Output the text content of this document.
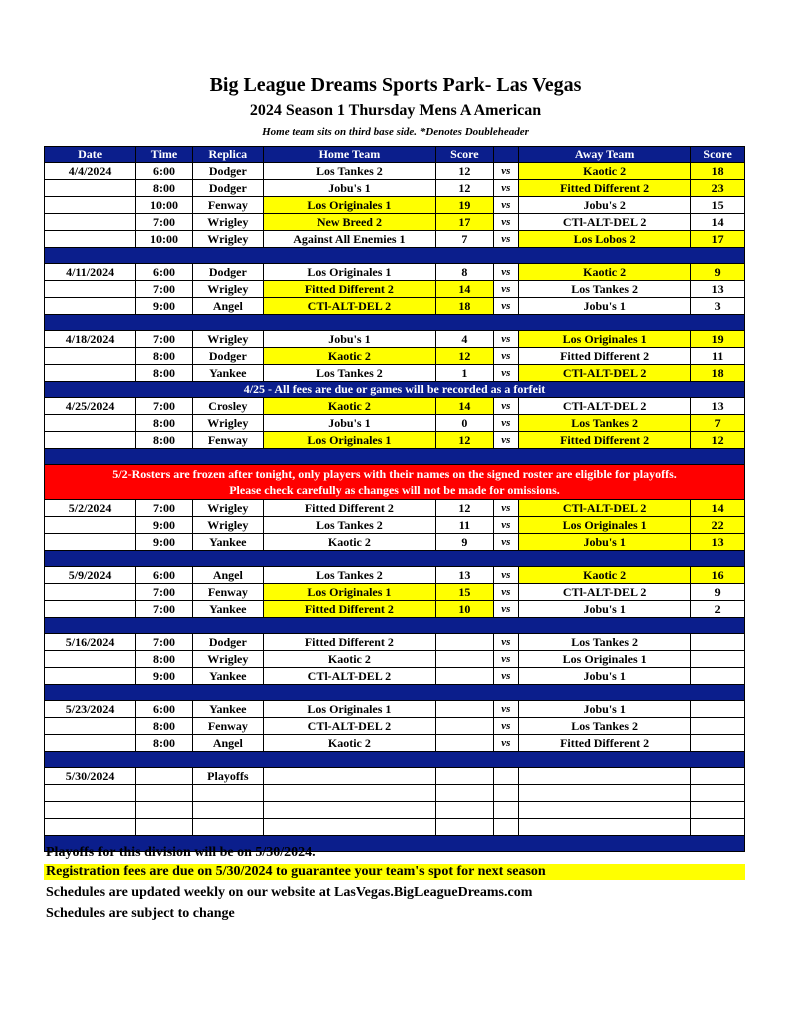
Big League Dreams Sports Park- Las Vegas
2024 Season 1 Thursday Mens A American
Home team sits on third base side. *Denotes Doubleheader
Date	Time	Replica	Home Team	Score		Away Team	Score
4/4/2024	6:00	Dodger	Los Tankes 2	12	vs	Kaotic 2	18
	8:00	Dodger	Jobu's 1	12	vs	Fitted Different 2	23
	10:00	Fenway	Los Originales 1	19	vs	Jobu's 2	15
	7:00	Wrigley	New Breed 2	17	vs	CTl-ALT-DEL 2	14
	10:00	Wrigley	Against All Enemies 1	7	vs	Los Lobos 2	17

4/11/2024	6:00	Dodger	Los Originales 1	8	vs	Kaotic 2	9
	7:00	Wrigley	Fitted Different 2	14	vs	Los Tankes 2	13
	9:00	Angel	CTl-ALT-DEL 2	18	vs	Jobu's 1	3

4/18/2024	7:00	Wrigley	Jobu's 1	4	vs	Los Originales 1	19
	8:00	Dodger	Kaotic 2	12	vs	Fitted Different 2	11
	8:00	Yankee	Los Tankes 2	1	vs	CTl-ALT-DEL 2	18
4/25 - All fees are due or games will be recorded as a forfeit							
4/25/2024	7:00	Crosley	Kaotic 2	14	vs	CTl-ALT-DEL 2	13
	8:00	Wrigley	Jobu's 1	0	vs	Los Tankes 2	7
	8:00	Fenway	Los Originales 1	12	vs	Fitted Different 2	12

5/2-Rosters are frozen after tonight, only players with their names on the signed roster are eligible for playoffs.
Please check carefully as changes will not be made for omissions.							

5/2/2024	7:00	Wrigley	Fitted Different 2	12	vs	CTl-ALT-DEL 2	14
	9:00	Wrigley	Los Tankes 2	11	vs	Los Originales 1	22
	9:00	Yankee	Kaotic 2	9	vs	Jobu's 1	13

5/9/2024	6:00	Angel	Los Tankes 2	13	vs	Kaotic 2	16
	7:00	Fenway	Los Originales 1	15	vs	CTl-ALT-DEL 2	9
	7:00	Yankee	Fitted Different 2	10	vs	Jobu's 1	2

5/16/2024	7:00	Dodger	Fitted Different 2		vs	Los Tankes 2	
	8:00	Wrigley	Kaotic 2		vs	Los Originales 1	
	9:00	Yankee	CTl-ALT-DEL 2		vs	Jobu's 1	

5/23/2024	6:00	Yankee	Los Originales 1		vs	Jobu's 1	
	8:00	Fenway	CTl-ALT-DEL 2		vs	Los Tankes 2	
	8:00	Angel	Kaotic 2		vs	Fitted Different 2	

5/30/2024		Playoffs					

Playoffs for this division will be on 5/30/2024.
Registration fees are due on 5/30/2024 to guarantee your team's spot for next season
Schedules are updated weekly on our website at LasVegas.BigLeagueDreams.com
Schedules are subject to change
